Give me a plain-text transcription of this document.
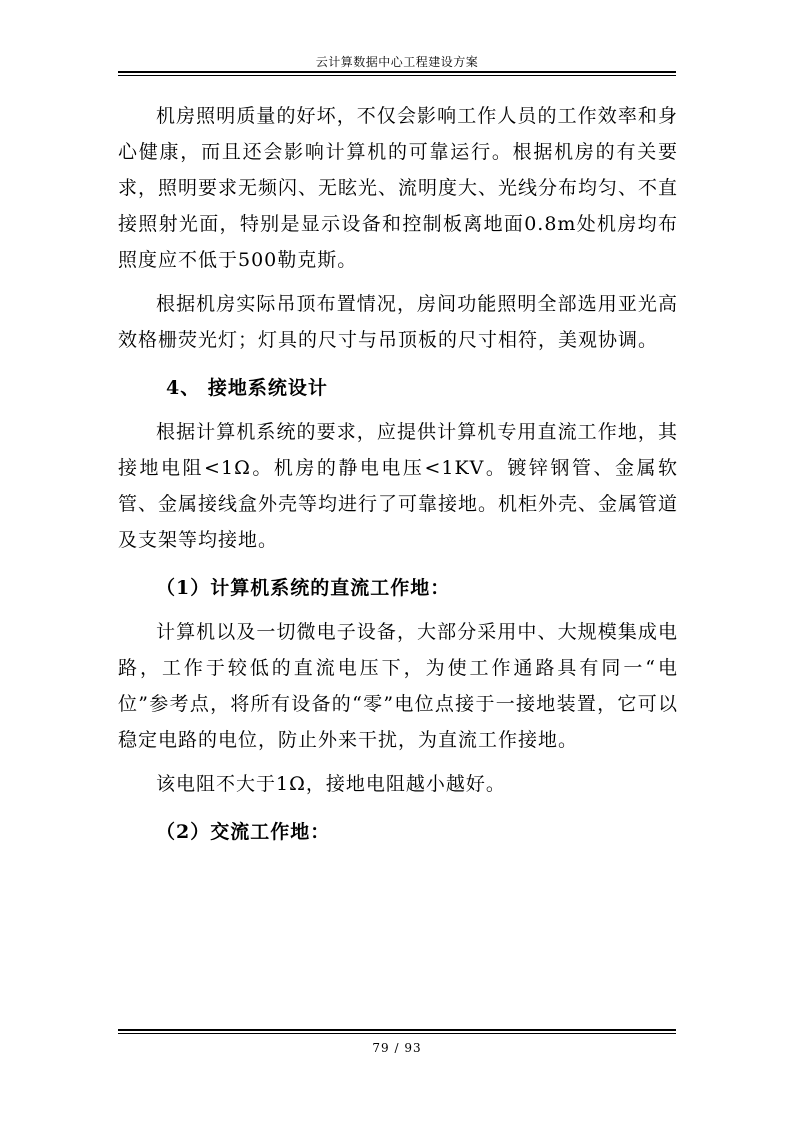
云计算数据中心工程建设方案

机房照明质量的好坏，不仅会影响工作人员的工作效率和身心健康，而且还会影响计算机的可靠运行。根据机房的有关要求，照明要求无频闪、无眩光、流明度大、光线分布均匀、不直接照射光面，特别是显示设备和控制板离地面0.8m处机房均布照度应不低于500勒克斯。

根据机房实际吊顶布置情况，房间功能照明全部选用亚光高效格栅荧光灯；灯具的尺寸与吊顶板的尺寸相符，美观协调。

4、 接地系统设计

根据计算机系统的要求，应提供计算机专用直流工作地，其接地电阻<1Ω。机房的静电电压<1KV。镀锌钢管、金属软管、金属接线盒外壳等均进行了可靠接地。机柜外壳、金属管道及支架等均接地。

（1）计算机系统的直流工作地：

计算机以及一切微电子设备，大部分采用中、大规模集成电路，工作于较低的直流电压下，为使工作通路具有同一“电位”参考点，将所有设备的“零”电位点接于一接地装置，它可以稳定电路的电位，防止外来干扰，为直流工作接地。

该电阻不大于1Ω，接地电阻越小越好。

（2）交流工作地：
79 / 93
